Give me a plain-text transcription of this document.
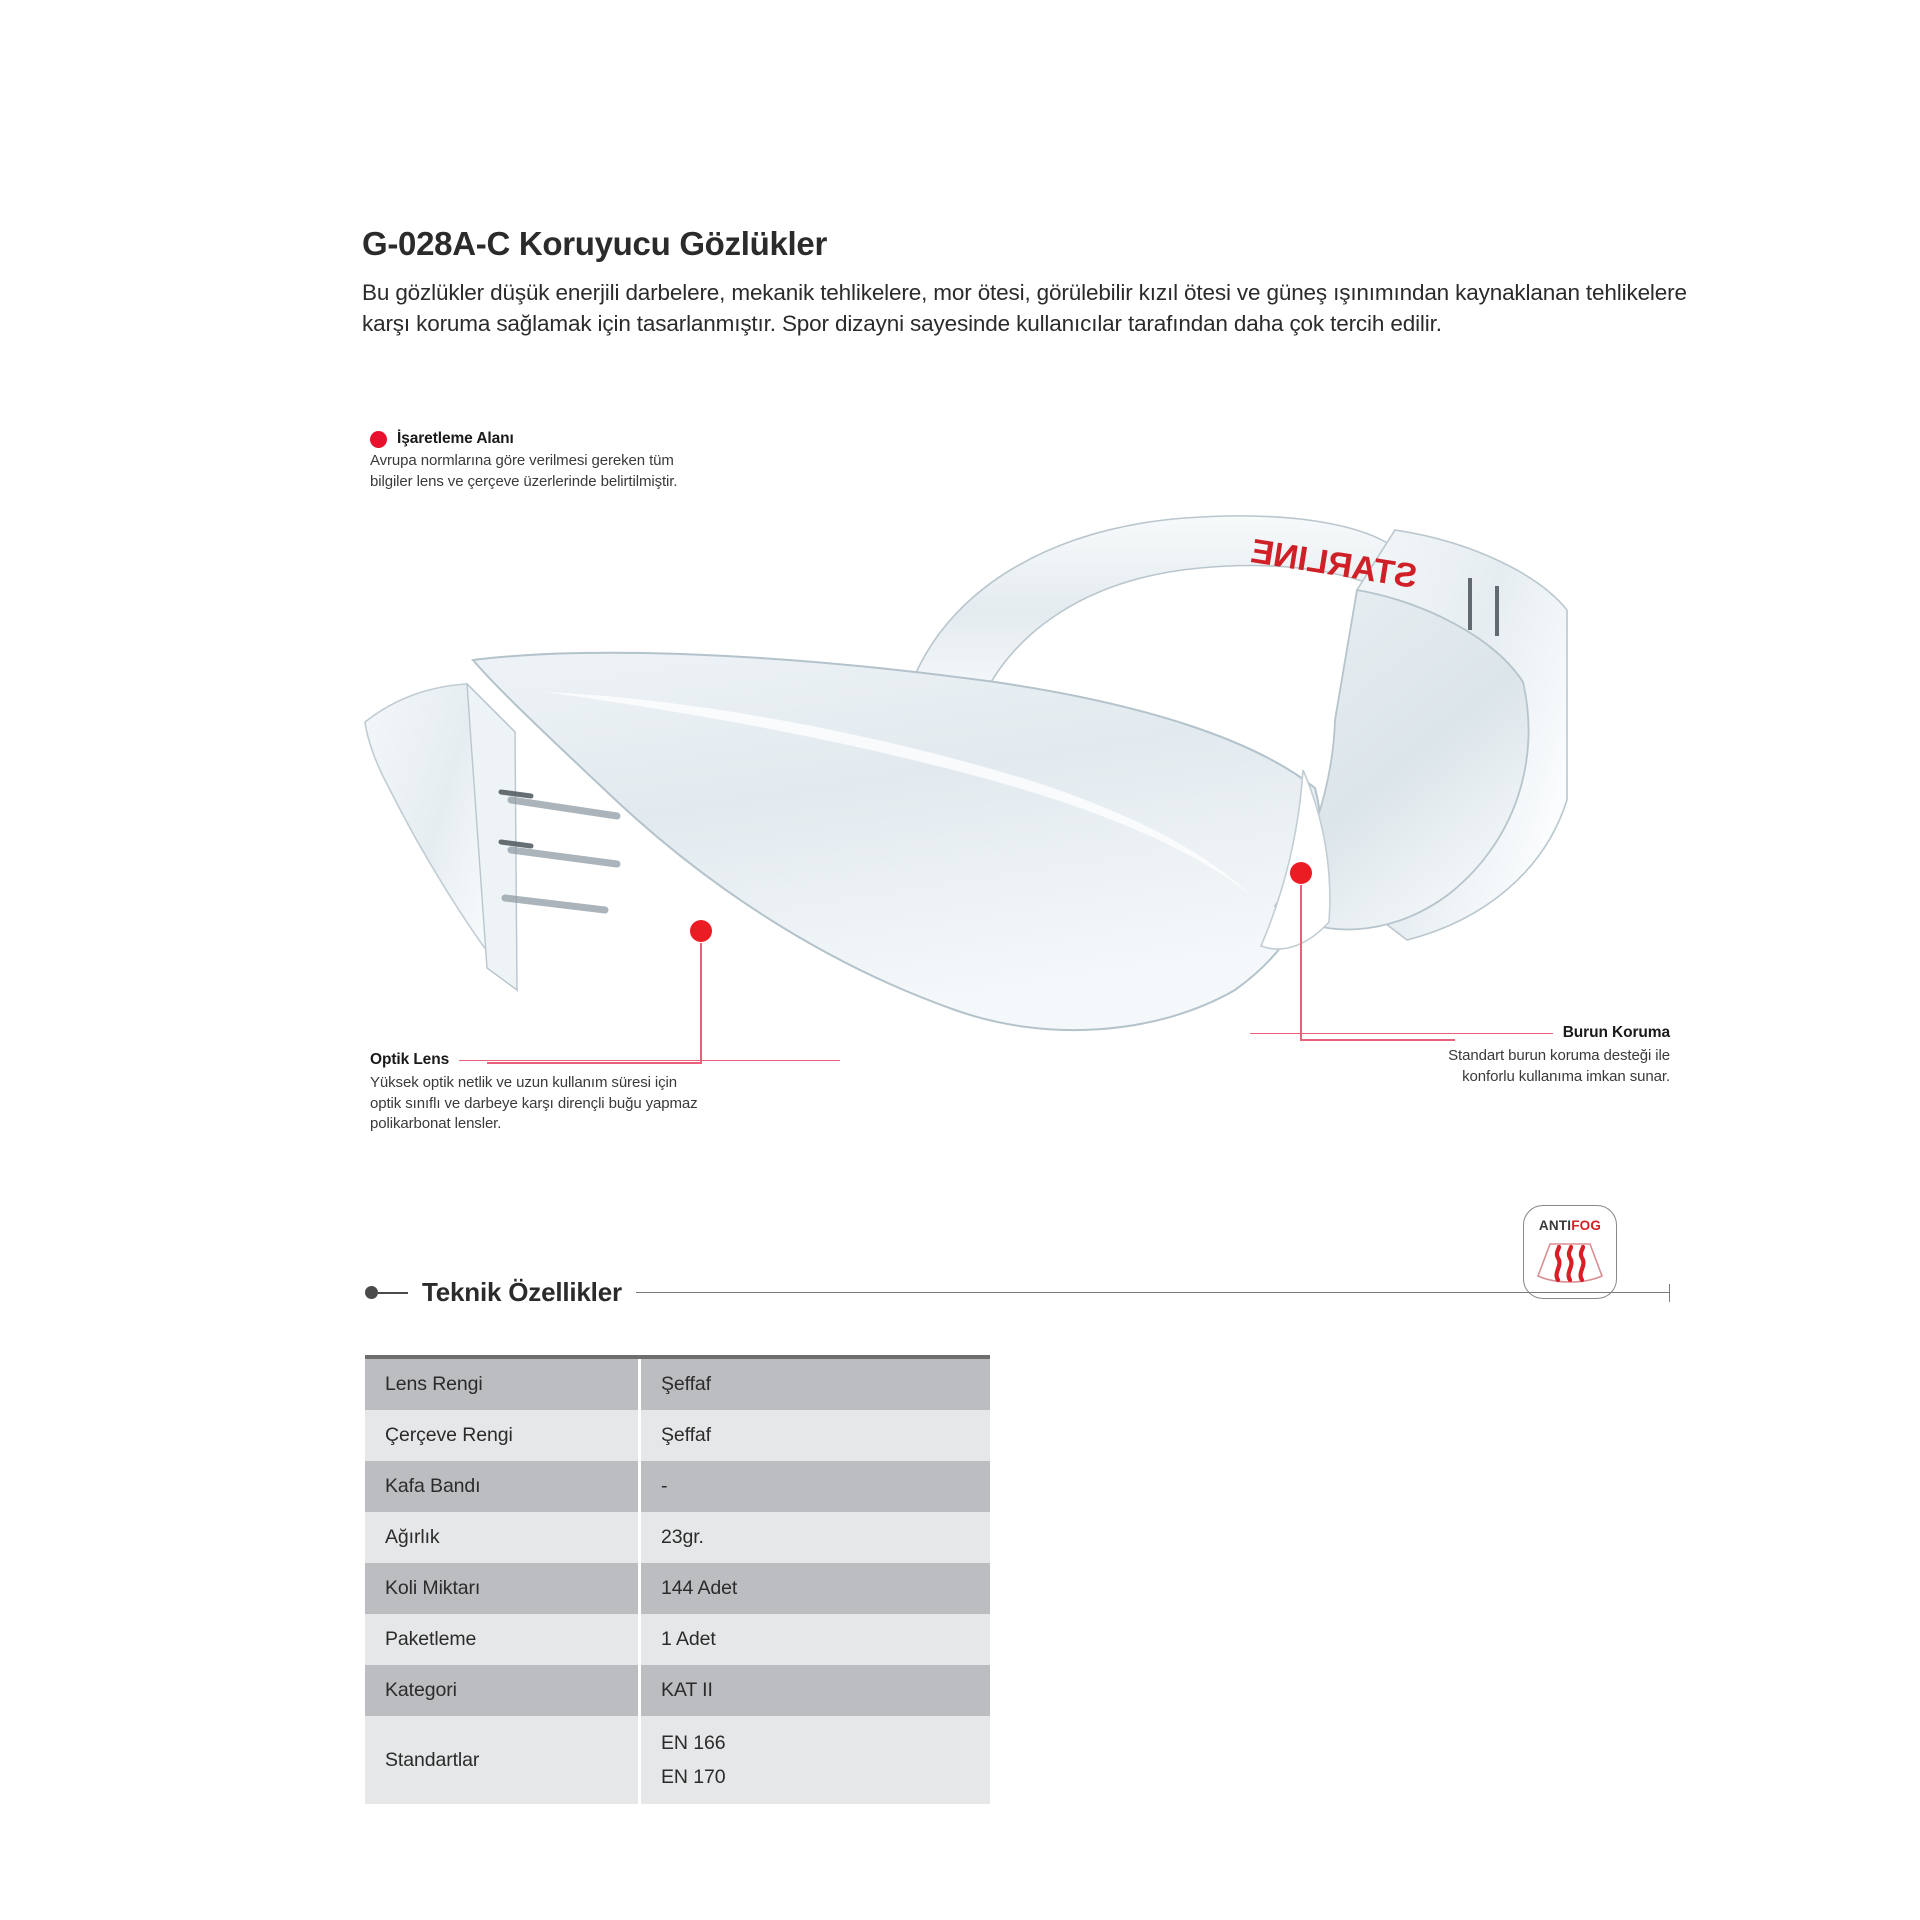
G-028A-C Koruyucu Gözlükler
Bu gözlükler düşük enerjili darbelere, mekanik tehlikelere, mor ötesi, görülebilir kızıl ötesi ve güneş ışınımından kaynaklanan tehlikelere karşı koruma sağlamak için tasarlanmıştır. Spor dizayni sayesinde kullanıcılar tarafından daha çok tercih edilir.
STARLINE
İşaretleme Alanı
Avrupa normlarına göre verilmesi gereken tüm
bilgiler lens ve çerçeve üzerlerinde belirtilmiştir.
Optik Lens
Yüksek optik netlik ve uzun kullanım süresi için
optik sınıflı ve darbeye karşı dirençli buğu yapmaz
polikarbonat lensler.
Burun Koruma
Standart burun koruma desteği ile
konforlu kullanıma imkan sunar.
ANTIFOG
Teknik Özellikler
Lens Rengi	Şeffaf
Çerçeve Rengi	Şeffaf
Kafa Bandı	-
Ağırlık	23gr.
Koli Miktarı	144 Adet
Paketleme	1 Adet
Kategori	KAT II
Standartlar	EN 166
EN 170
